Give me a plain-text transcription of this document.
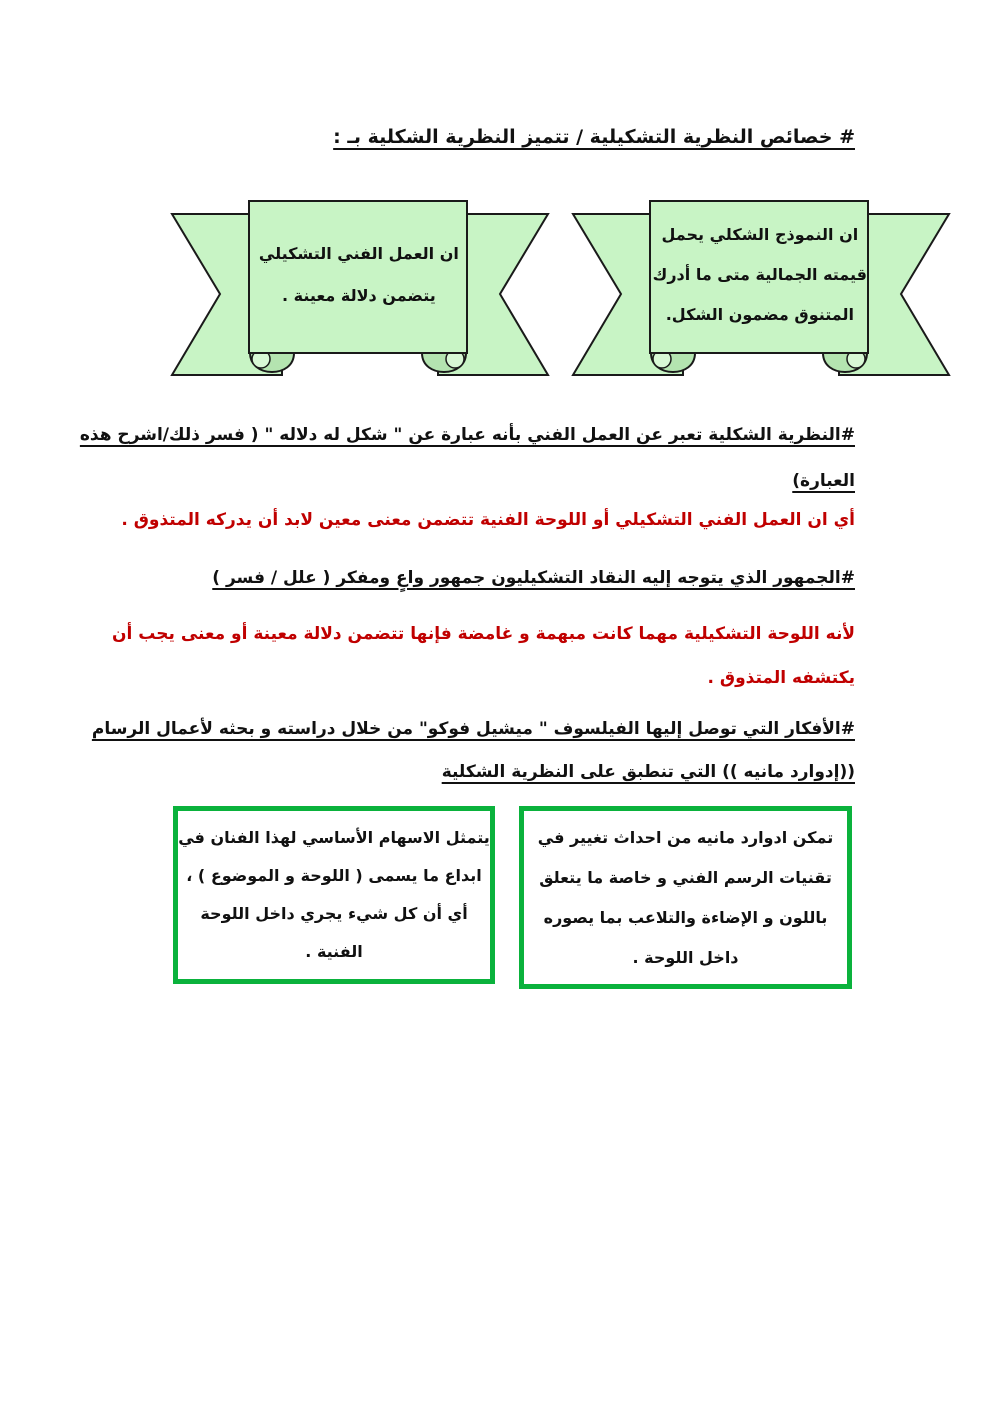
# خصائص النظرية التشكيلية / تتميز النظرية الشكلية بـ :
ان العمل الفني التشكيلي
يتضمن دلالة معينة .
ان النموذج الشكلي يحمل
قيمته الجمالية متى ما أدرك
المتنوق مضمون الشكل.
#النظرية الشكلية تعبر عن العمل الفني بأنه عبارة عن " شكل له دلاله " ( فسر ذلك/اشرح هذه
العبارة)
أي ان العمل الفني التشكيلي أو اللوحة الفنية تتضمن معنى معين لابد أن يدركه المتذوق .
#الجمهور الذي يتوجه إليه النقاد التشكيليون جمهور واعٍ ومفكر ( علل / فسر )
لأنه اللوحة التشكيلية مهما كانت مبهمة و غامضة فإنها تتضمن دلالة معينة أو معنى يجب أن
يكتشفه المتذوق .
#الأفكار التي توصل إليها الفيلسوف " ميشيل فوكو" من خلال دراسته و بحثه لأعمال الرسام
((إدوارد مانيه )) التي تنطبق على النظرية الشكلية
يتمثل الاسهام الأساسي لهذا الفنان في
ابداع ما يسمى ( اللوحة و الموضوع ) ،
أي أن كل شيء يجري داخل اللوحة
الفنية .
تمكن ادوارد مانيه من احداث تغيير في
تقنيات الرسم الفني و خاصة ما يتعلق
باللون و الإضاءة والتلاعب بما يصوره
داخل اللوحة .
